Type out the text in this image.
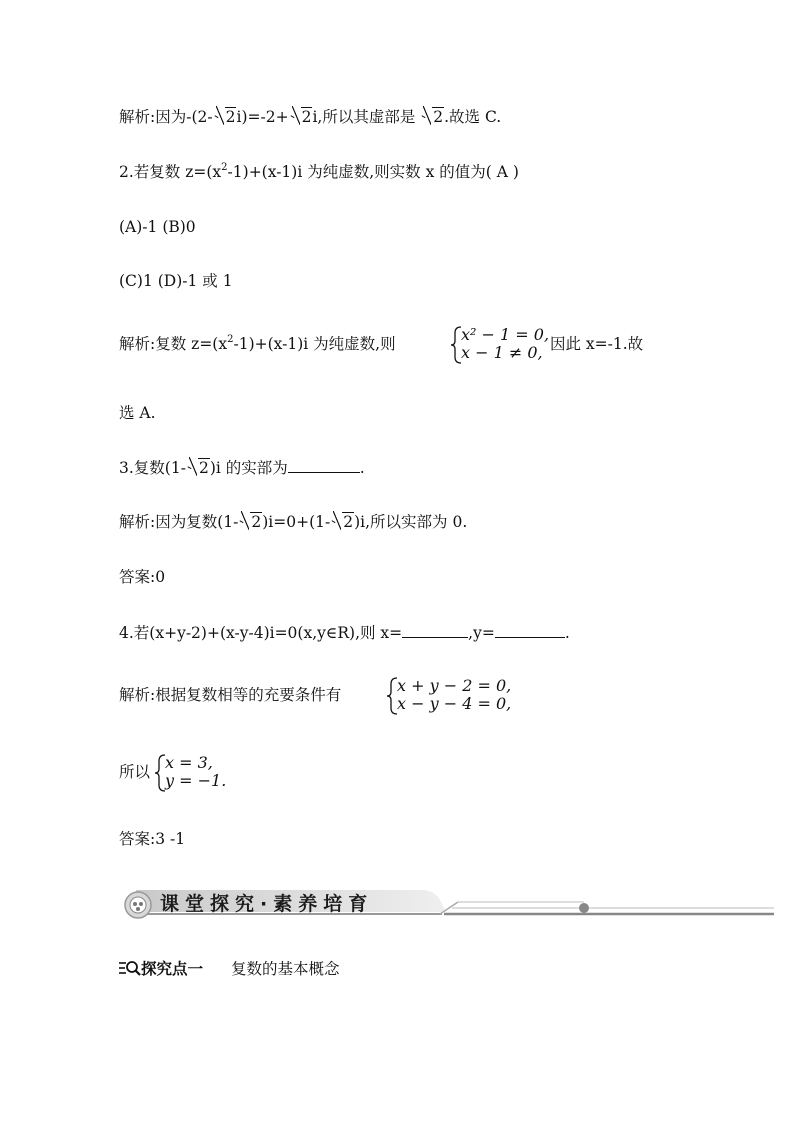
解析:因为-(2- 2i)=-2+ 2i,所以其虚部是 2.故选 C.
2.若复数 $z=(x^2-1)+(x-1)i$ 为纯虚数,则实数 x 的值为( A )
(A)-1 (B)0
(C)1 (D)-1 或 1
解析:复数 $z=(x^2-1)+(x-1)i$ 为纯虚数,则	x² − 1 = 0,
x − 1 ≠ 0, 因此 x=-1.故
选 A.
3.复数(1- 2)i 的实部为	.
解析:因为复数(1- 2)i=0+(1- 2)i,所以实部为 0.
答案:0
4.若(x+y-2)+(x-y-4)i=0(x,y∈R),则 x=	,y=	.
解析:根据复数相等的充要条件有	x + y − 2 = 0,
x − y − 4 = 0,
所以 x = 3,
y = −1.
答案:3 -1
课堂探究·素养培育
探究点一 复数的基本概念
